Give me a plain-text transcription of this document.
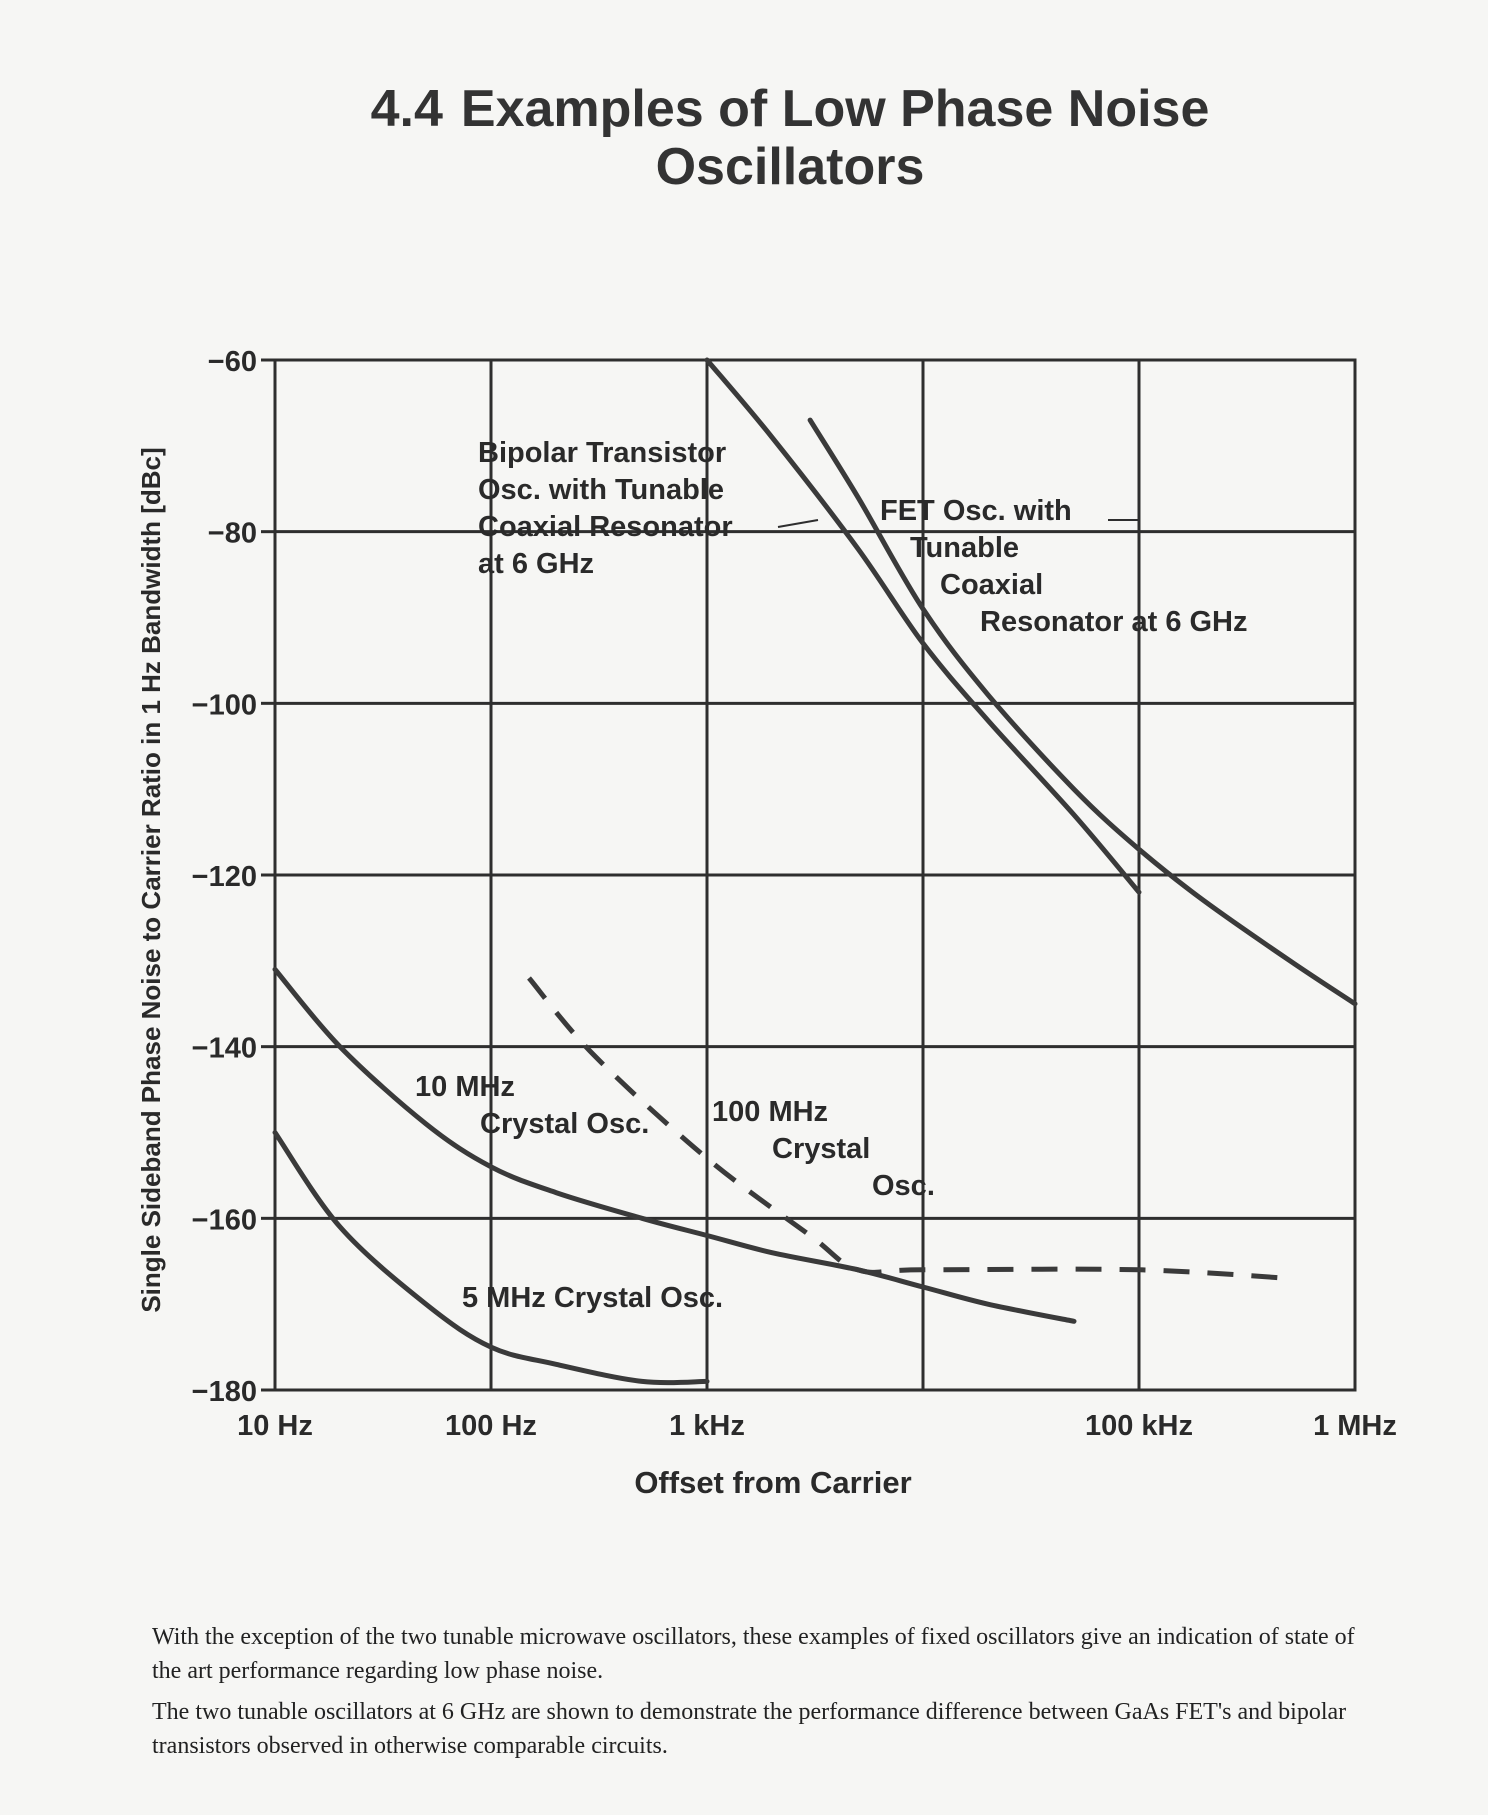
4.4 Examples of Low Phase Noise
Oscillators
10 Hz	100 Hz	1 kHz	100 kHz	1 MHz
−60
−80
−100
−120
−140
−160
−180
Bipolar Transistor Osc. with Tunable Coaxial Resonator at 6 GHz
FET Osc. with Tunable Coaxial Resonator at 6 GHz
10 MHz Crystal Osc. 100 MHz CrystalOsc.
5 MHz Crystal Osc.
Offset from Carrier
Single Sideband Phase Noise to Carrier Ratio in 1 Hz Bandwidth [dBc]
With the exception of the two tunable microwave oscillators, these examples of fixed oscillators give an indication of state of the art performance regarding low phase noise.
The two tunable oscillators at 6 GHz are shown to demonstrate the performance difference between GaAs FET's and bipolar transistors observed in otherwise comparable circuits.
